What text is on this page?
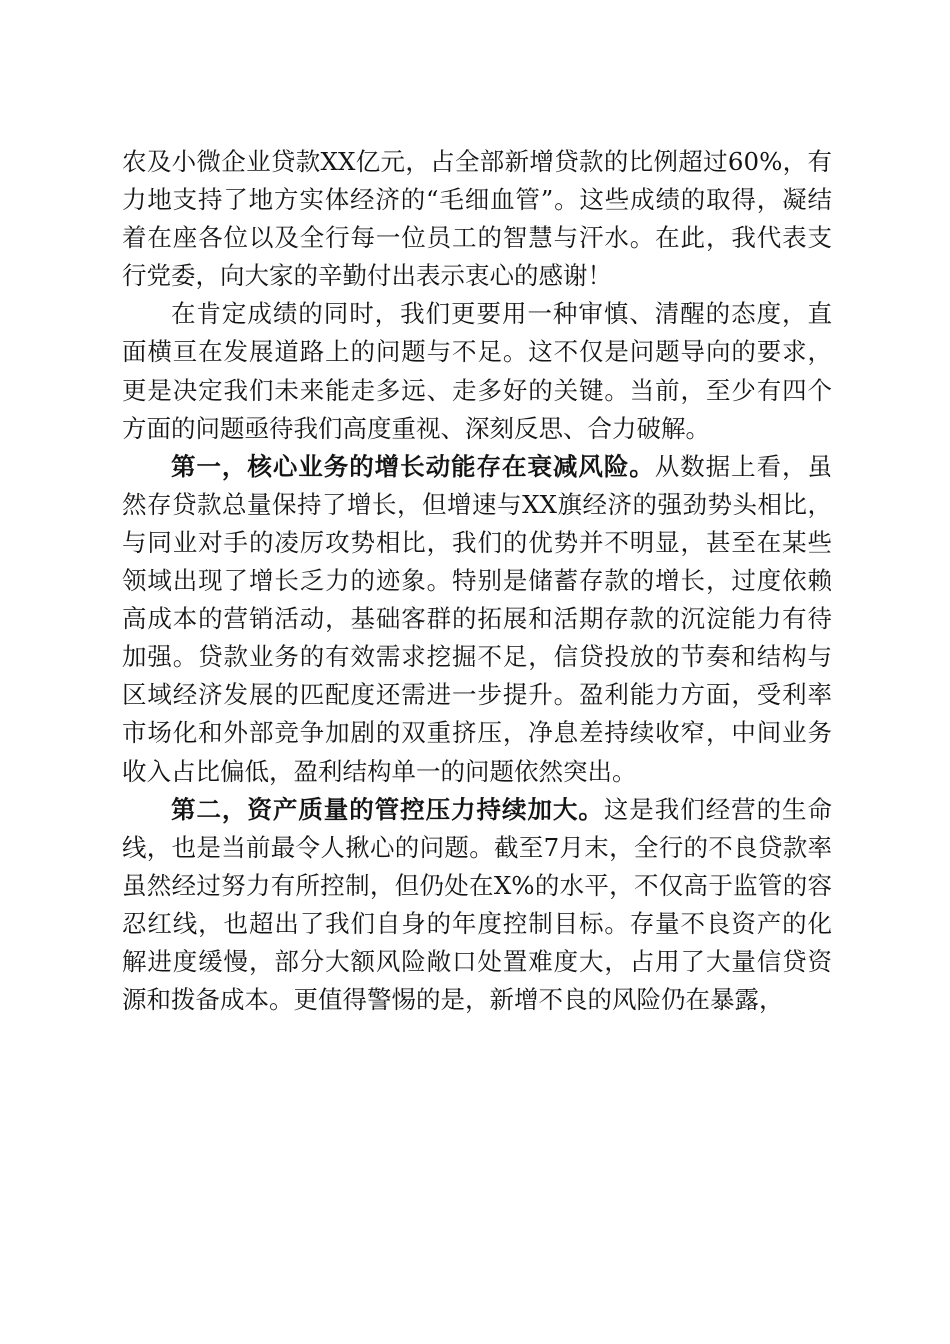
农及小微企业贷款XX亿元，占全部新增贷款的比例超过60%，有力地支持了地方实体经济的“毛细血管”。这些成绩的取得，凝结着在座各位以及全行每一位员工的智慧与汗水。在此，我代表支行党委，向大家的辛勤付出表示衷心的感谢！

在肯定成绩的同时，我们更要用一种审慎、清醒的态度，直面横亘在发展道路上的问题与不足。这不仅是问题导向的要求，更是决定我们未来能走多远、走多好的关键。当前，至少有四个方面的问题亟待我们高度重视、深刻反思、合力破解。

第一，核心业务的增长动能存在衰减风险。从数据上看，虽然存贷款总量保持了增长，但增速与XX旗经济的强劲势头相比，与同业对手的凌厉攻势相比，我们的优势并不明显，甚至在某些领域出现了增长乏力的迹象。特别是储蓄存款的增长，过度依赖高成本的营销活动，基础客群的拓展和活期存款的沉淀能力有待加强。贷款业务的有效需求挖掘不足，信贷投放的节奏和结构与区域经济发展的匹配度还需进一步提升。盈利能力方面，受利率市场化和外部竞争加剧的双重挤压，净息差持续收窄，中间业务收入占比偏低，盈利结构单一的问题依然突出。

第二，资产质量的管控压力持续加大。这是我们经营的生命线，也是当前最令人揪心的问题。截至7月末，全行的不良贷款率虽然经过努力有所控制，但仍处在X%的水平，不仅高于监管的容忍红线，也超出了我们自身的年度控制目标。存量不良资产的化解进度缓慢，部分大额风险敞口处置难度大，占用了大量信贷资源和拨备成本。更值得警惕的是，新增不良的风险仍在暴露，
